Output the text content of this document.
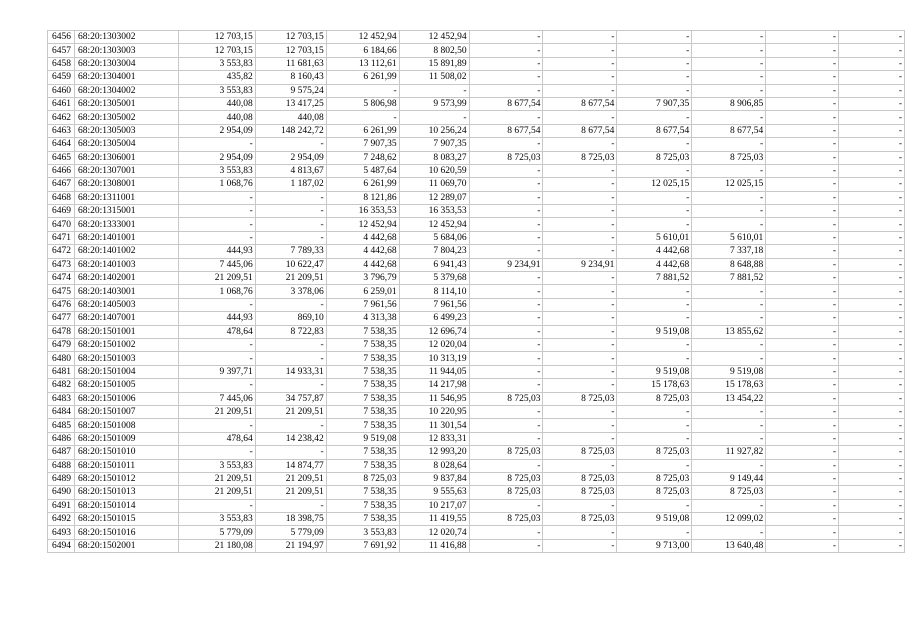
6456	68:20:1303002	12 703,15	12 703,15	12 452,94	12 452,94	-	-	-	-	-	-
6457	68:20:1303003	12 703,15	12 703,15	6 184,66	8 802,50	-	-	-	-	-	-
6458	68:20:1303004	3 553,83	11 681,63	13 112,61	15 891,89	-	-	-	-	-	-
6459	68:20:1304001	435,82	8 160,43	6 261,99	11 508,02	-	-	-	-	-	-
6460	68:20:1304002	3 553,83	9 575,24	-	-	-	-	-	-	-	-
6461	68:20:1305001	440,08	13 417,25	5 806,98	9 573,99	8 677,54	8 677,54	7 907,35	8 906,85	-	-
6462	68:20:1305002	440,08	440,08	-	-	-	-	-	-	-	-
6463	68:20:1305003	2 954,09	148 242,72	6 261,99	10 256,24	8 677,54	8 677,54	8 677,54	8 677,54	-	-
6464	68:20:1305004	-	-	7 907,35	7 907,35	-	-	-	-	-	-
6465	68:20:1306001	2 954,09	2 954,09	7 248,62	8 083,27	8 725,03	8 725,03	8 725,03	8 725,03	-	-
6466	68:20:1307001	3 553,83	4 813,67	5 487,64	10 620,59	-	-	-	-	-	-
6467	68:20:1308001	1 068,76	1 187,02	6 261,99	11 069,70	-	-	12 025,15	12 025,15	-	-
6468	68:20:1311001	-	-	8 121,86	12 289,07	-	-	-	-	-	-
6469	68:20:1315001	-	-	16 353,53	16 353,53	-	-	-	-	-	-
6470	68:20:1333001	-	-	12 452,94	12 452,94	-	-	-	-	-	-
6471	68:20:1401001	-	-	4 442,68	5 684,06	-	-	5 610,01	5 610,01	-	-
6472	68:20:1401002	444,93	7 789,33	4 442,68	7 804,23	-	-	4 442,68	7 337,18	-	-
6473	68:20:1401003	7 445,06	10 622,47	4 442,68	6 941,43	9 234,91	9 234,91	4 442,68	8 648,88	-	-
6474	68:20:1402001	21 209,51	21 209,51	3 796,79	5 379,68	-	-	7 881,52	7 881,52	-	-
6475	68:20:1403001	1 068,76	3 378,06	6 259,01	8 114,10	-	-	-	-	-	-
6476	68:20:1405003	-	-	7 961,56	7 961,56	-	-	-	-	-	-
6477	68:20:1407001	444,93	869,10	4 313,38	6 499,23	-	-	-	-	-	-
6478	68:20:1501001	478,64	8 722,83	7 538,35	12 696,74	-	-	9 519,08	13 855,62	-	-
6479	68:20:1501002	-	-	7 538,35	12 020,04	-	-	-	-	-	-
6480	68:20:1501003	-	-	7 538,35	10 313,19	-	-	-	-	-	-
6481	68:20:1501004	9 397,71	14 933,31	7 538,35	11 944,05	-	-	9 519,08	9 519,08	-	-
6482	68:20:1501005	-	-	7 538,35	14 217,98	-	-	15 178,63	15 178,63	-	-
6483	68:20:1501006	7 445,06	34 757,87	7 538,35	11 546,95	8 725,03	8 725,03	8 725,03	13 454,22	-	-
6484	68:20:1501007	21 209,51	21 209,51	7 538,35	10 220,95	-	-	-	-	-	-
6485	68:20:1501008	-	-	7 538,35	11 301,54	-	-	-	-	-	-
6486	68:20:1501009	478,64	14 238,42	9 519,08	12 833,31	-	-	-	-	-	-
6487	68:20:1501010	-	-	7 538,35	12 993,20	8 725,03	8 725,03	8 725,03	11 927,82	-	-
6488	68:20:1501011	3 553,83	14 874,77	7 538,35	8 028,64	-	-	-	-	-	-
6489	68:20:1501012	21 209,51	21 209,51	8 725,03	9 837,84	8 725,03	8 725,03	8 725,03	9 149,44	-	-
6490	68:20:1501013	21 209,51	21 209,51	7 538,35	9 555,63	8 725,03	8 725,03	8 725,03	8 725,03	-	-
6491	68:20:1501014	-	-	7 538,35	10 217,07	-	-	-	-	-	-
6492	68:20:1501015	3 553,83	18 398,75	7 538,35	11 419,55	8 725,03	8 725,03	9 519,08	12 099,02	-	-
6493	68:20:1501016	5 779,09	5 779,09	3 553,83	12 020,74	-	-	-	-	-	-
6494	68:20:1502001	21 180,08	21 194,97	7 691,92	11 416,88	-	-	9 713,00	13 640,48	-	-
